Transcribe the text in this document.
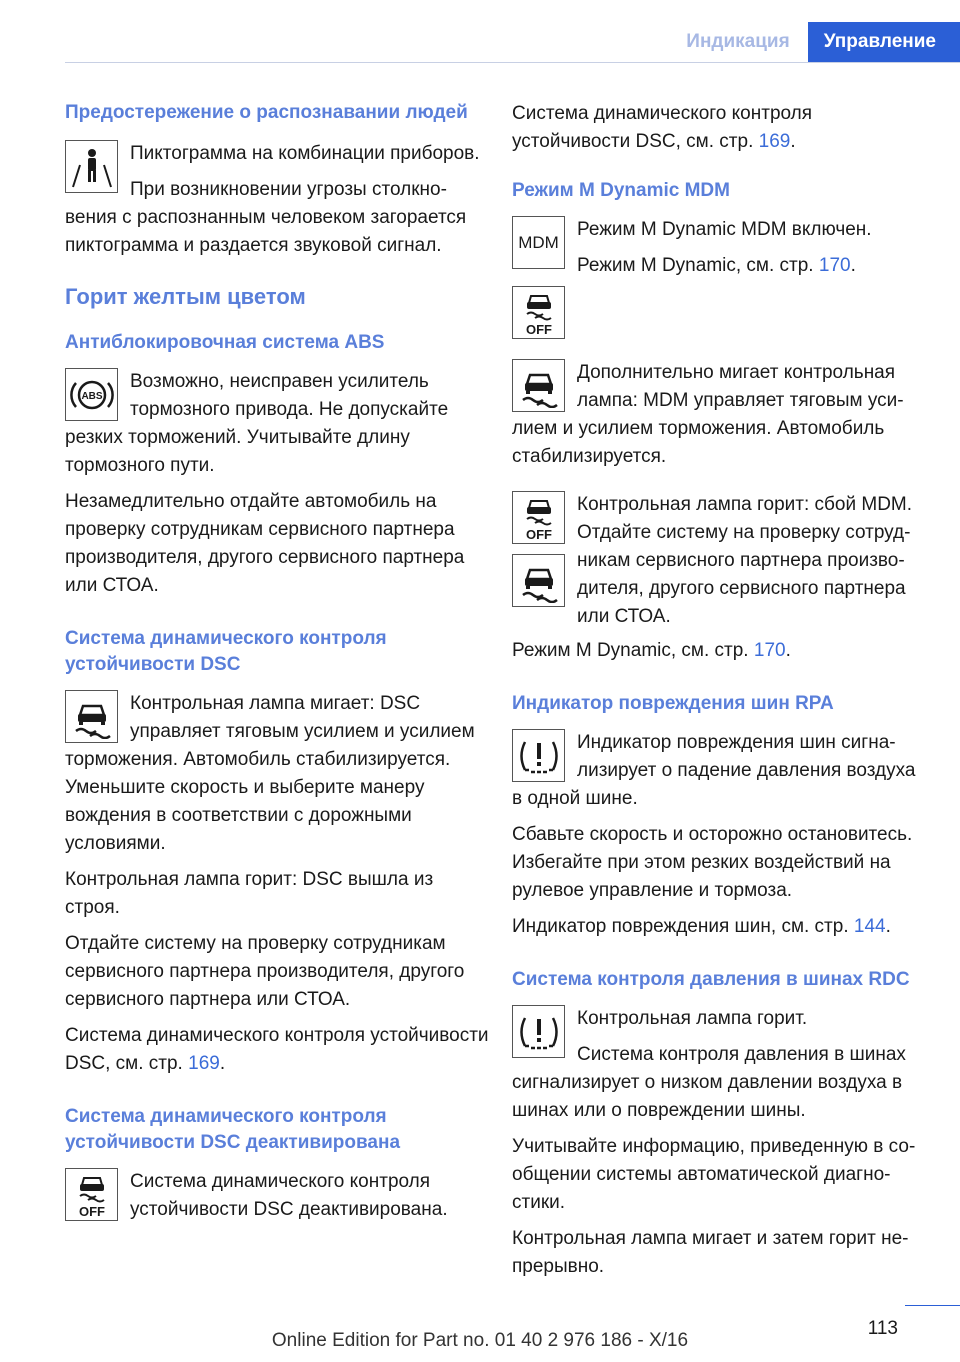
Индикация	Управление
Предостережение о распознавании людей

Пиктограмма на комбинации приборов.

При возникновении угрозы столкновения с распознанным человеком загорается пиктограмма и раздается звуковой сигнал.

Горит желтым цветом
Антиблокировочная система ABS
ABS

Возможно, неисправен усилитель тормозного привода. Не допускайте резких торможений. Учитывайте длину тормозного пути.

Незамедлительно отдайте автомобиль на проверку сотрудникам сервисного партнера производителя, другого сервисного партнера или СТОА.

Система динамического контроля устойчивости DSC

Контрольная лампа мигает: DSC управляет тяговым усилием и усилием торможения. Автомобиль стабилизируется. Уменьшите скорость и выберите манеру вождения в соответствии с дорожными условиями.

Контрольная лампа горит: DSC вышла из строя.

Отдайте систему на проверку сотрудникам сервисного партнера производителя, другого сервисного партнера или СТОА.

Система динамического контроля устойчивости DSC, см. стр. 169.

Система динамического контроля устойчивости DSC деактивирована
OFF

Система динамического контроля устойчивости DSC деактивирована.

Система динамического контроля устойчивости DSC, см. стр. 169.

Режим M Dynamic MDM
MDM

Режим M Dynamic MDM включен.

Режим M Dynamic, см. стр. 170.

OFF

Дополнительно мигает контрольная лампа: MDM управляет тяговым усилием и усилием торможения. Автомобиль стабилизируется.

OFF

Контрольная лампа горит: сбой MDM. Отдайте систему на проверку сотрудникам сервисного партнера производителя, другого сервисного партнера или СТОА.

Режим M Dynamic, см. стр. 170.

Индикатор повреждения шин RPA

Индикатор повреждения шин сигнализирует о падение давления воздуха в одной шине.

Сбавьте скорость и осторожно остановитесь. Избегайте при этом резких воздействий на рулевое управление и тормоза.

Индикатор повреждения шин, см. стр. 144.

Система контроля давления в шинах RDC

Контрольная лампа горит.

Система контроля давления в шинах сигнализирует о низком давлении воздуха в шинах или о повреждении шины.

Учитывайте информацию, приведенную в сообщении системы автоматической диагностики.

Контрольная лампа мигает и затем горит непрерывно.

113
Online Edition for Part no. 01 40 2 976 186 - X/16
